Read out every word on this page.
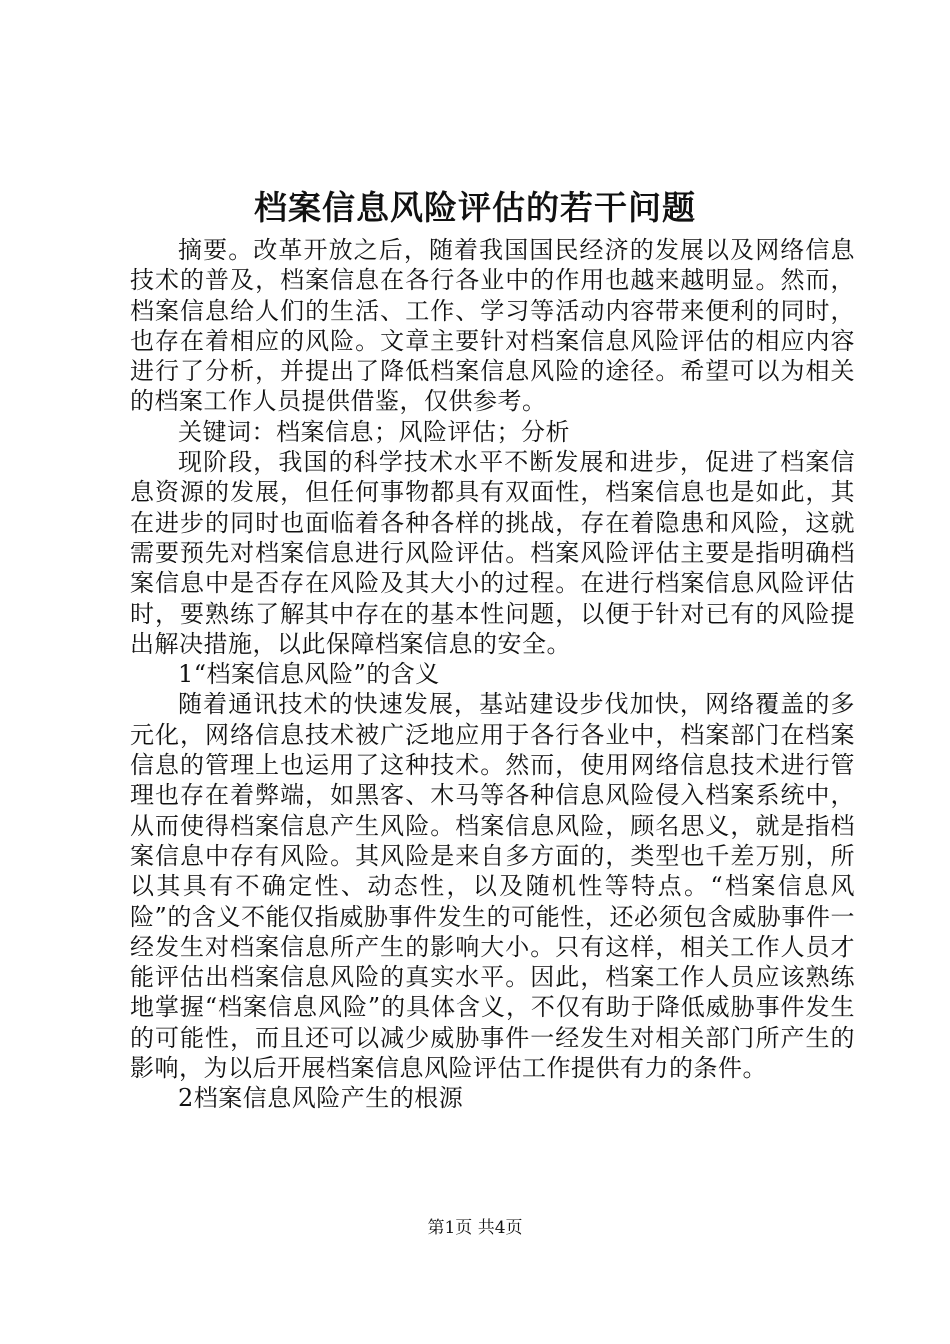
档案信息风险评估的若干问题

摘要。改革开放之后，随着我国国民经济的发展以及网络信息技术的普及，档案信息在各行各业中的作用也越来越明显。然而，档案信息给人们的生活、工作、学习等活动内容带来便利的同时，也存在着相应的风险。文章主要针对档案信息风险评估的相应内容进行了分析，并提出了降低档案信息风险的途径。希望可以为相关的档案工作人员提供借鉴，仅供参考。

关键词：档案信息；风险评估；分析

现阶段，我国的科学技术水平不断发展和进步，促进了档案信息资源的发展，但任何事物都具有双面性，档案信息也是如此，其在进步的同时也面临着各种各样的挑战，存在着隐患和风险，这就需要预先对档案信息进行风险评估。档案风险评估主要是指明确档案信息中是否存在风险及其大小的过程。在进行档案信息风险评估时，要熟练了解其中存在的基本性问题，以便于针对已有的风险提出解决措施，以此保障档案信息的安全。

1“档案信息风险”的含义

随着通讯技术的快速发展，基站建设步伐加快，网络覆盖的多元化，网络信息技术被广泛地应用于各行各业中，档案部门在档案信息的管理上也运用了这种技术。然而，使用网络信息技术进行管理也存在着弊端，如黑客、木马等各种信息风险侵入档案系统中，从而使得档案信息产生风险。档案信息风险，顾名思义，就是指档案信息中存有风险。其风险是来自多方面的，类型也千差万别，所以其具有不确定性、动态性，以及随机性等特点。“档案信息风险”的含义不能仅指威胁事件发生的可能性，还必须包含威胁事件一经发生对档案信息所产生的影响大小。只有这样，相关工作人员才能评估出档案信息风险的真实水平。因此，档案工作人员应该熟练地掌握“档案信息风险”的具体含义，不仅有助于降低威胁事件发生的可能性，而且还可以减少威胁事件一经发生对相关部门所产生的影响，为以后开展档案信息风险评估工作提供有力的条件。

2档案信息风险产生的根源

第1页 共4页
